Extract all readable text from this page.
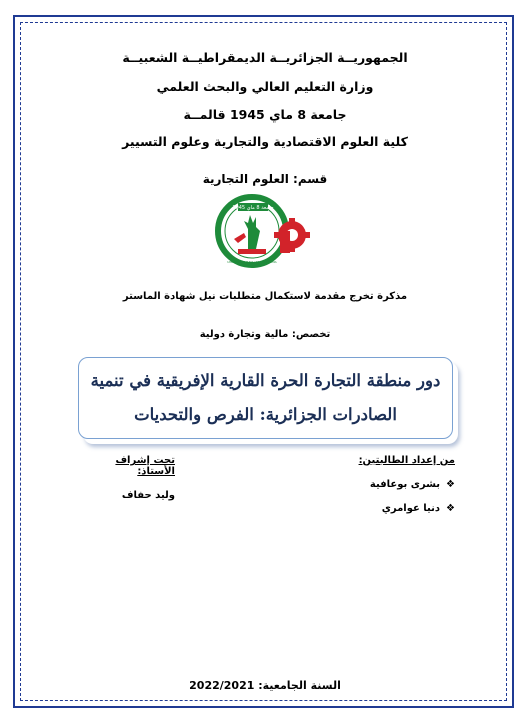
الجمهوريــة الجزائريــة الديمقراطيــة الشعبيــة
وزارة التعليم العالي والبحث العلمي
جامعة 8 ماي 1945 قالمــة
كلية العلوم الاقتصادية والتجارية وعلوم التسيير
قسم: العلوم التجارية
جامعة 8 ماي 1945
UNIVERSITE 8 MAI 1945 GUELMA
مذكرة تخرج مقدمة لاستكمال متطلبات نيل شهادة الماستر
تخصص: مالية وتجارة دولية
دور منطقة التجارة الحرة القارية الإفريقية في تنمية
الصادرات الجزائرية: الفرص والتحديات
من إعداد الطالبتين:
❖بشرى بوعافية
❖دنيا عوامري
تحت إشراف الأستاذ:
وليد حفاف
السنة الجامعية: 2022/2021
